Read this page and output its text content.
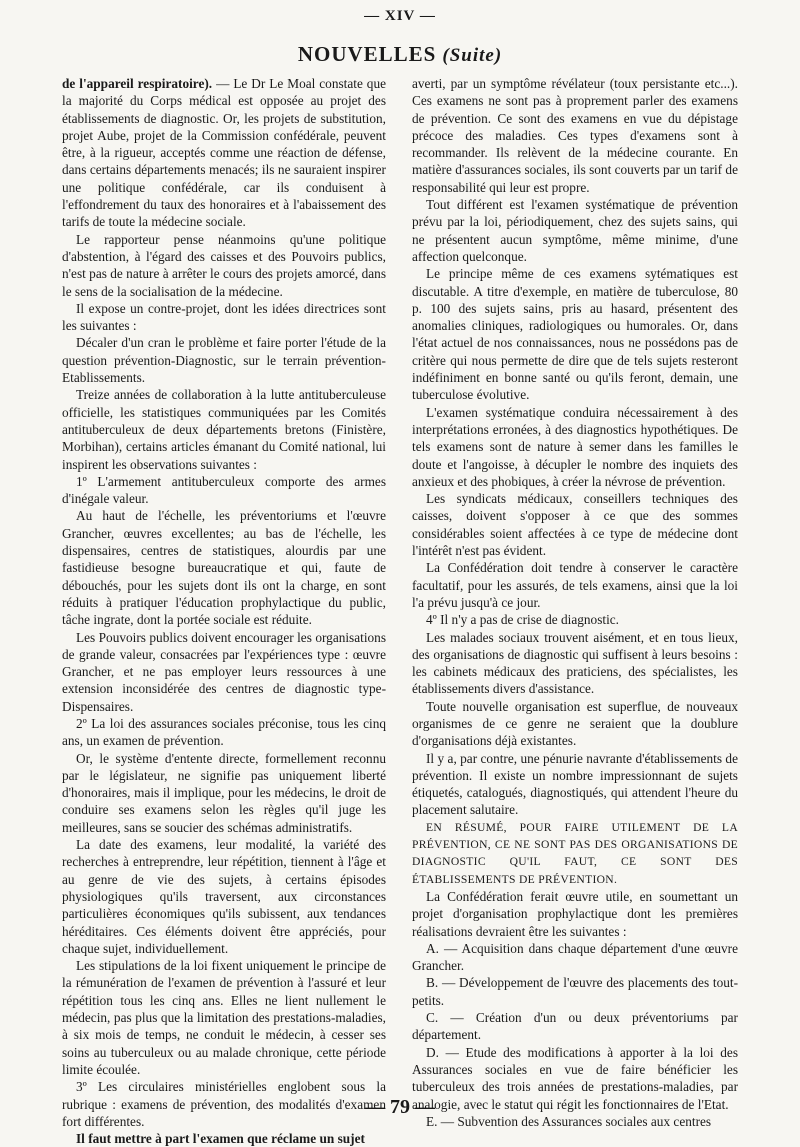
— XIV —
NOUVELLES (Suite)

de l'appareil respiratoire). — Le Dr Le Moal constate que la majorité du Corps médical est opposée au projet des établissements de diagnostic. Or, les projets de substitution, projet Aube, projet de la Commission confédérale, peuvent être, à la rigueur, acceptés comme une réaction de défense, dans certains départements menacés; ils ne sauraient inspirer une politique confédérale, car ils conduisent à l'effondrement du taux des honoraires et à l'abaissement des tarifs de toute la médecine sociale.

Le rapporteur pense néanmoins qu'une politique d'abstention, à l'égard des caisses et des Pouvoirs publics, n'est pas de nature à arrêter le cours des projets amorcé, dans le sens de la socialisation de la médecine.

Il expose un contre-projet, dont les idées directrices sont les suivantes :

Décaler d'un cran le problème et faire porter l'étude de la question prévention-Diagnostic, sur le terrain prévention-Etablissements.

Treize années de collaboration à la lutte antituberculeuse officielle, les statistiques communiquées par les Comités antituberculeux de deux départements bretons (Finistère, Morbihan), certains articles émanant du Comité national, lui inspirent les observations suivantes :

1º L'armement antituberculeux comporte des armes d'inégale valeur.

Au haut de l'échelle, les préventoriums et l'œuvre Grancher, œuvres excellentes; au bas de l'échelle, les dispensaires, centres de statistiques, alourdis par une fastidieuse besogne bureaucratique et qui, faute de débouchés, pour les sujets dont ils ont la charge, en sont réduits à pratiquer l'éducation prophylactique du public, tâche ingrate, dont la portée sociale est réduite.

Les Pouvoirs publics doivent encourager les organisations de grande valeur, consacrées par l'expériences type : œuvre Grancher, et ne pas employer leurs ressources à une extension inconsidérée des centres de diagnostic type-Dispensaires.

2º La loi des assurances sociales préconise, tous les cinq ans, un examen de prévention.

Or, le système d'entente directe, formellement reconnu par le législateur, ne signifie pas uniquement liberté d'honoraires, mais il implique, pour les médecins, le droit de conduire ses examens selon les règles qu'il juge les meilleures, sans se soucier des schémas administratifs.

La date des examens, leur modalité, la variété des recherches à entreprendre, leur répétition, tiennent à l'âge et au genre de vie des sujets, à certains épisodes physiologiques qu'ils traversent, aux circonstances particulières économiques qu'ils subissent, aux tendances héréditaires. Ces éléments doivent être appréciés, pour chaque sujet, individuellement.

Les stipulations de la loi fixent uniquement le principe de la rémunération de l'examen de prévention à l'assuré et leur répétition tous les cinq ans. Elles ne lient nullement le médecin, pas plus que la limitation des prestations-maladies, à six mois de temps, ne conduit le médecin, à cesser ses soins au tuberculeux ou au malade chronique, cette période limite écoulée.

3º Les circulaires ministérielles englobent sous la rubrique : examens de prévention, des modalités d'examen fort différentes.

Il faut mettre à part l'examen que réclame un sujet

averti, par un symptôme révélateur (toux persistante etc...). Ces examens ne sont pas à proprement parler des examens de prévention. Ce sont des examens en vue du dépistage précoce des maladies. Ces types d'examens sont à recommander. Ils relèvent de la médecine courante. En matière d'assurances sociales, ils sont couverts par un tarif de responsabilité qui leur est propre.

Tout différent est l'examen systématique de prévention prévu par la loi, périodiquement, chez des sujets sains, qui ne présentent aucun symptôme, même minime, d'une affection quelconque.

Le principe même de ces examens sytématiques est discutable. A titre d'exemple, en matière de tuberculose, 80 p. 100 des sujets sains, pris au hasard, présentent des anomalies cliniques, radiologiques ou humorales. Or, dans l'état actuel de nos connaissances, nous ne possédons pas de critère qui nous permette de dire que de tels sujets resteront indéfiniment en bonne santé ou qu'ils feront, demain, une tuberculose évolutive.

L'examen systématique conduira nécessairement à des interprétations erronées, à des diagnostics hypothétiques. De tels examens sont de nature à semer dans les familles le doute et l'angoisse, à décupler le nombre des inquiets des anxieux et des phobiques, à créer la névrose de prévention.

Les syndicats médicaux, conseillers techniques des caisses, doivent s'opposer à ce que des sommes considérables soient affectées à ce type de médecine dont l'intérêt n'est pas évident.

La Confédération doit tendre à conserver le caractère facultatif, pour les assurés, de tels examens, ainsi que la loi l'a prévu jusqu'à ce jour.

4º Il n'y a pas de crise de diagnostic.

Les malades sociaux trouvent aisément, et en tous lieux, des organisations de diagnostic qui suffisent à leurs besoins : les cabinets médicaux des praticiens, des spécialistes, les établissements divers d'assistance.

Toute nouvelle organisation est superflue, de nouveaux organismes de ce genre ne seraient que la doublure d'organisations déjà existantes.

Il y a, par contre, une pénurie navrante d'établissements de prévention. Il existe un nombre impressionnant de sujets étiquetés, catalogués, diagnostiqués, qui attendent l'heure du placement salutaire.

EN RÉSUMÉ, POUR FAIRE UTILEMENT DE LA PRÉVENTION, CE NE SONT PAS DES ORGANISATIONS DE DIAGNOSTIC QU'IL FAUT, CE SONT DES ÉTABLISSEMENTS DE PRÉVENTION.

La Confédération ferait œuvre utile, en soumettant un projet d'organisation prophylactique dont les premières réalisations devraient être les suivantes :

A. — Acquisition dans chaque département d'une œuvre Grancher.

B. — Développement de l'œuvre des placements des tout-petits.

C. — Création d'un ou deux préventoriums par département.

D. — Etude des modifications à apporter à la loi des Assurances sociales en vue de faire bénéficier les tuberculeux des trois années de prestations-maladies, par analogie, avec le statut qui régit les fonctionnaires de l'Etat.

E. — Subvention des Assurances sociales aux centres

— 79 —
